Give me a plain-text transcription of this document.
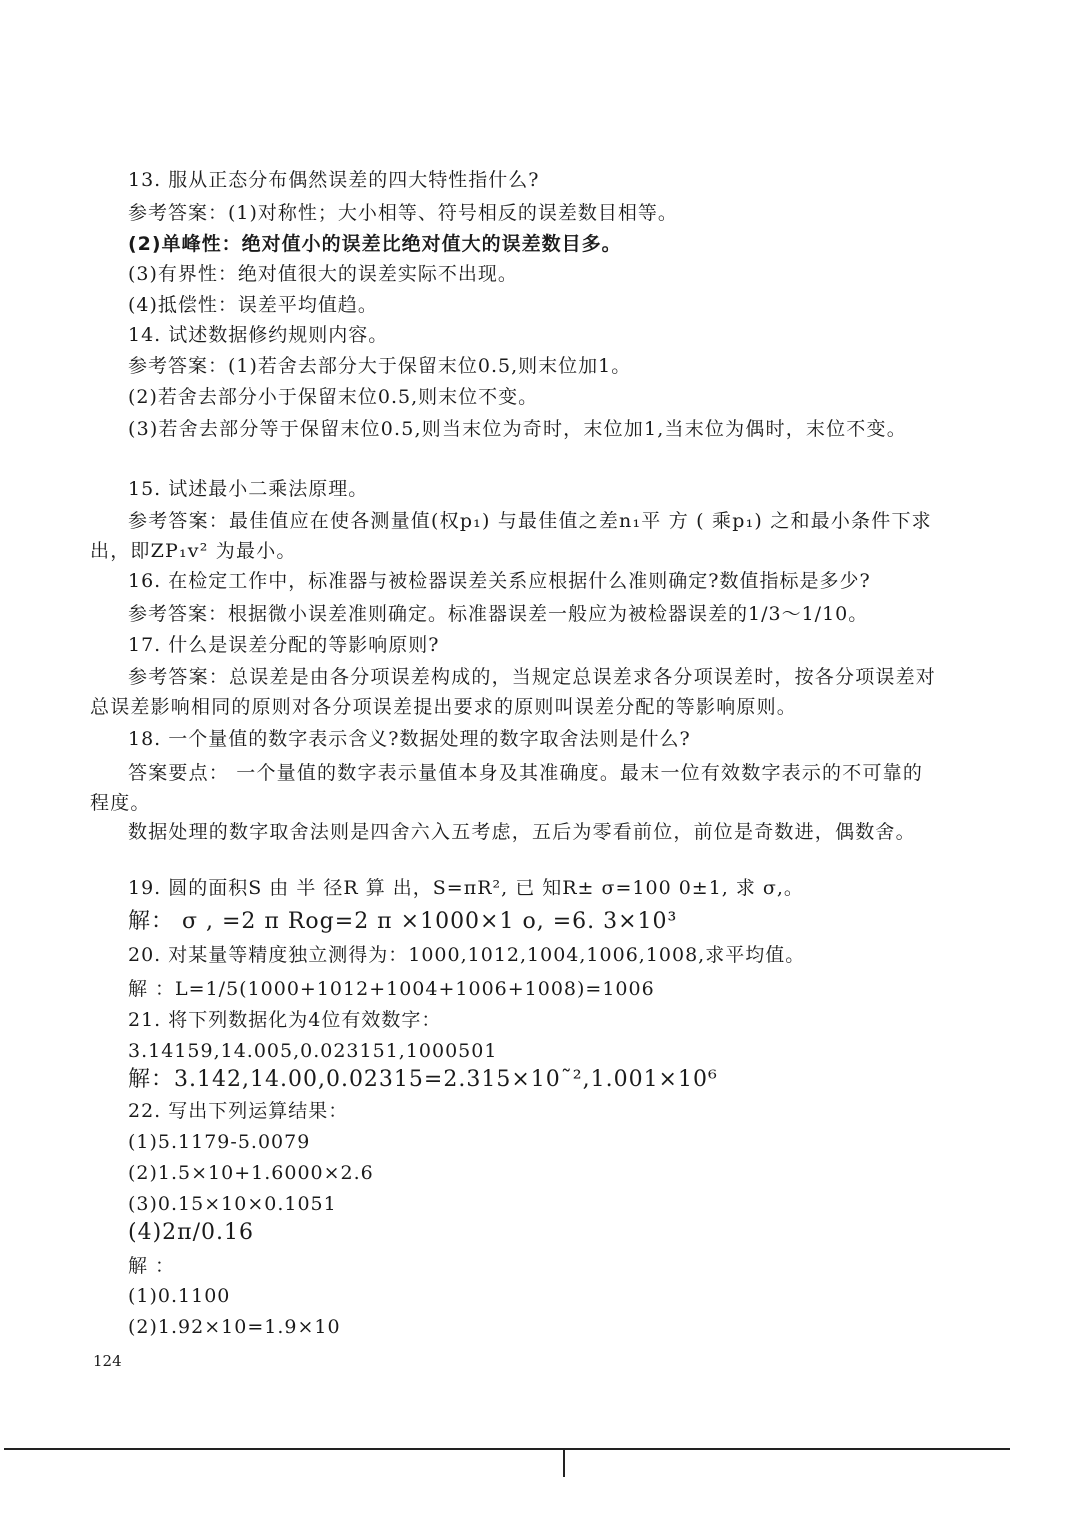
13. 服从正态分布偶然误差的四大特性指什么?
参考答案：(1)对称性；大小相等、符号相反的误差数目相等。
(2)单峰性：绝对值小的误差比绝对值大的误差数目多。
(3)有界性：绝对值很大的误差实际不出现。
(4)抵偿性：误差平均值趋。
14. 试述数据修约规则内容。
参考答案：(1)若舍去部分大于保留末位0.5,则末位加1。
(2)若舍去部分小于保留末位0.5,则末位不变。
(3)若舍去部分等于保留末位0.5,则当末位为奇时，末位加1,当末位为偶时，末位不变。
15. 试述最小二乘法原理。
参考答案：最佳值应在使各测量值(权p₁) 与最佳值之差n₁平 方 ( 乘p₁) 之和最小条件下求出，即ZP₁v² 为最小。
16. 在检定工作中，标准器与被检器误差关系应根据什么准则确定?数值指标是多少?
参考答案：根据微小误差准则确定。标准器误差一般应为被检器误差的1/3～1/10。
17. 什么是误差分配的等影响原则?
参考答案：总误差是由各分项误差构成的，当规定总误差求各分项误差时，按各分项误差对总误差影响相同的原则对各分项误差提出要求的原则叫误差分配的等影响原则。
18. 一个量值的数字表示含义?数据处理的数字取舍法则是什么?
答案要点： 一个量值的数字表示量值本身及其准确度。最末一位有效数字表示的不可靠的程度。
数据处理的数字取舍法则是四舍六入五考虑，五后为零看前位，前位是奇数进，偶数舍。
19. 圆的面积S 由 半 径R 算 出，S=πR², 已 知R± σ=100 0±1, 求 σ,。
解： σ , =2 π Rog=2 π ×1000×1 o, =6. 3×10³
20. 对某量等精度独立测得为：1000,1012,1004,1006,1008,求平均值。
解 ：L=1/5(1000+1012+1004+1006+1008)=1006
21. 将下列数据化为4位有效数字：
3.14159,14.005,0.023151,1000501
解：3.142,14.00,0.02315=2.315×10˜²,1.001×10⁶
22. 写出下列运算结果：
(1)5.1179-5.0079
(2)1.5×10+1.6000×2.6
(3)0.15×10×0.1051
(4)2π/0.16
解 ：
(1)0.1100
(2)1.92×10=1.9×10
124
